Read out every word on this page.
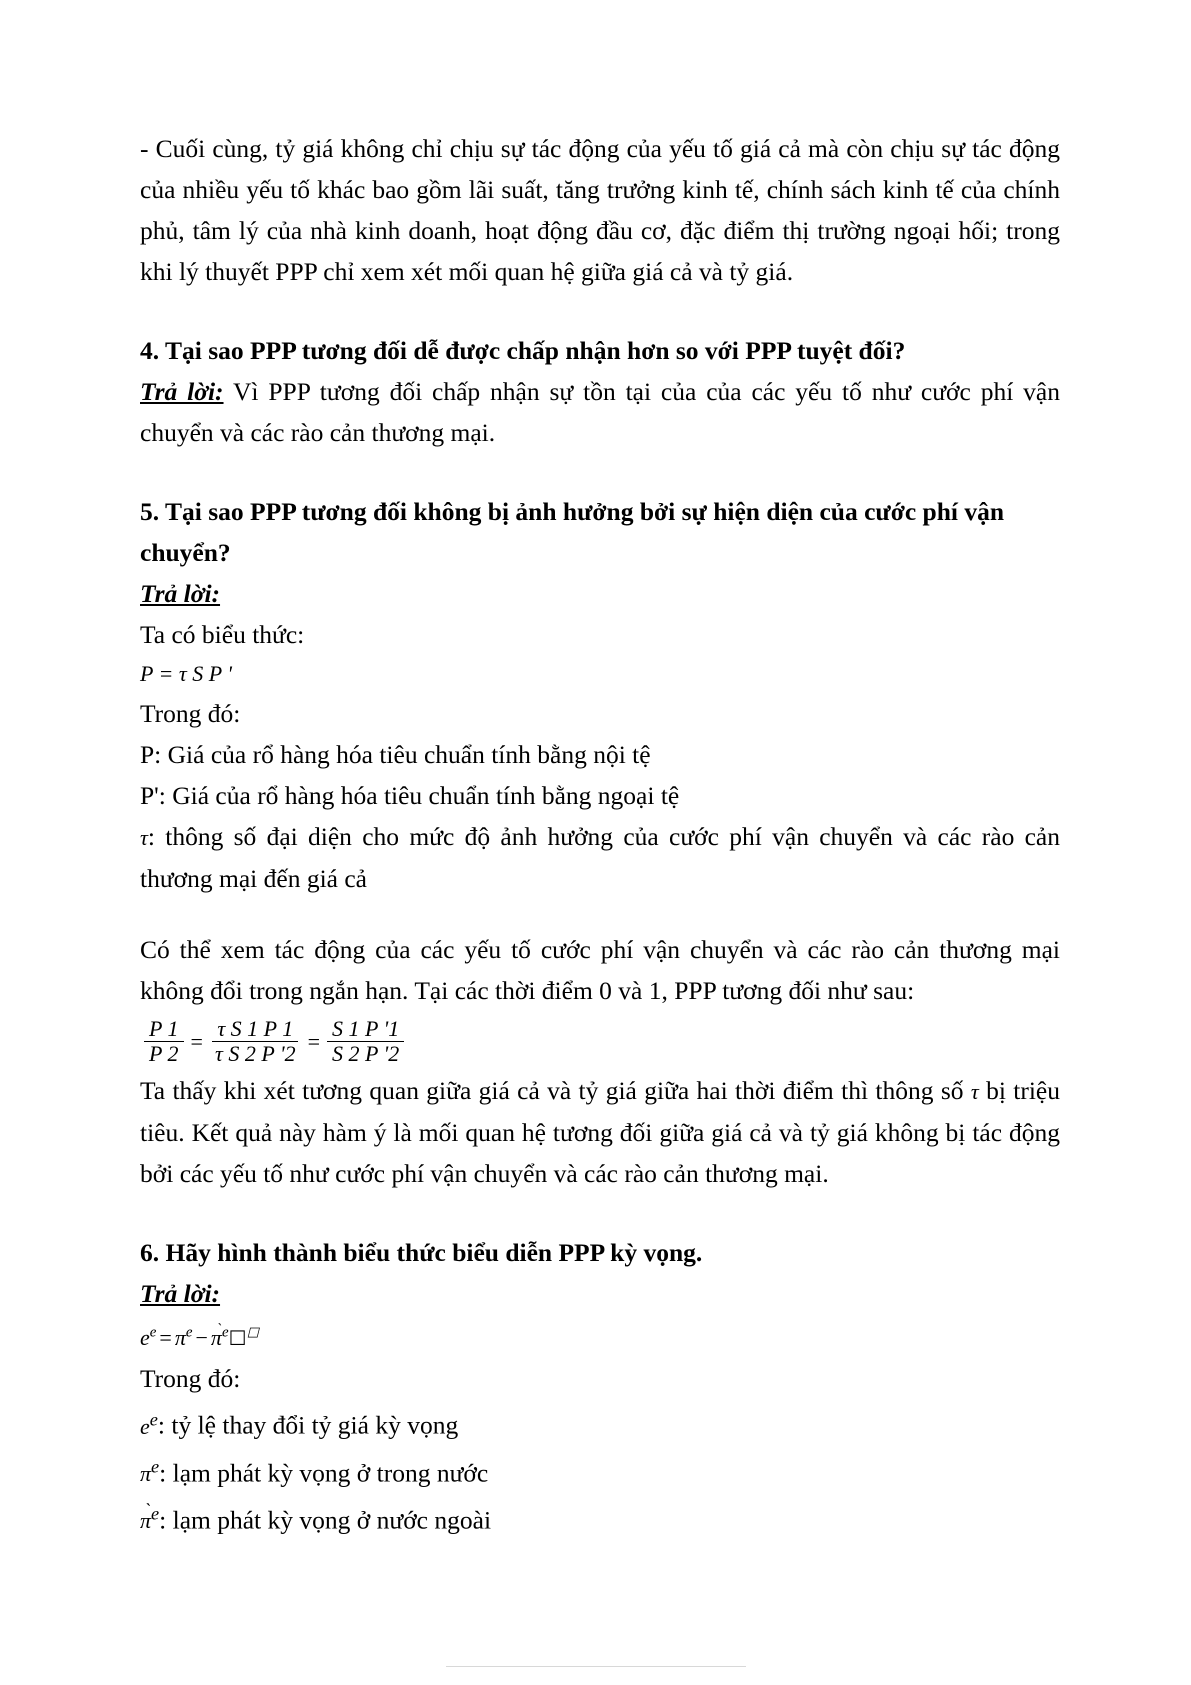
- Cuối cùng, tỷ giá không chỉ chịu sự tác động của yếu tố giá cả mà còn chịu sự tác động của nhiều yếu tố khác bao gồm lãi suất, tăng trưởng kinh tế, chính sách kinh tế của chính phủ, tâm lý của nhà kinh doanh, hoạt động đầu cơ, đặc điểm thị trường ngoại hối; trong khi lý thuyết PPP chỉ xem xét mối quan hệ giữa giá cả và tỷ giá.

4. Tại sao PPP tương đối dễ được chấp nhận hơn so với PPP tuyệt đối?

Trả lời: Vì PPP tương đối chấp nhận sự tồn tại của của các yếu tố như cước phí vận chuyển và các rào cản thương mại.

5. Tại sao PPP tương đối không bị ảnh hưởng bởi sự hiện diện của cước phí vận chuyển?
Trả lời:
Ta có biểu thức:
P = τ S P '
Trong đó:
P: Giá của rổ hàng hóa tiêu chuẩn tính bằng nội tệ
P': Giá của rổ hàng hóa tiêu chuẩn tính bằng ngoại tệ
τ: thông số đại diện cho mức độ ảnh hưởng của cước phí vận chuyển và các rào cản thương mại đến giá cả

Có thể xem tác động của các yếu tố cước phí vận chuyển và các rào cản thương mại không đổi trong ngắn hạn. Tại các thời điểm 0 và 1, PPP tương đối như sau:

$\frac{P 1}{P 2} = \frac{\text{τ S 1 P 1}}{\text{τ S 2 P '2}} = \frac{S 1 P '1}{S 2 P '2}$

Ta thấy khi xét tương quan giữa giá cả và tỷ giá giữa hai thời điểm thì thông số τ bị triệu tiêu. Kết quả này hàm ý là mối quan hệ tương đối giữa giá cả và tỷ giá không bị tác động bởi các yếu tố như cước phí vận chuyển và các rào cản thương mại.

6. Hãy hình thành biểu thức biểu diễn PPP kỳ vọng.
Trả lời:
$e^e = \pi^e$ − $\pi^{̀e}☐^☐$
Trong đó:
$e^e$: tỷ lệ thay đổi tỷ giá kỳ vọng
$\pi^e$: lạm phát kỳ vọng ở trong nước
$\pi^{̀e}$: lạm phát kỳ vọng ở nước ngoài
